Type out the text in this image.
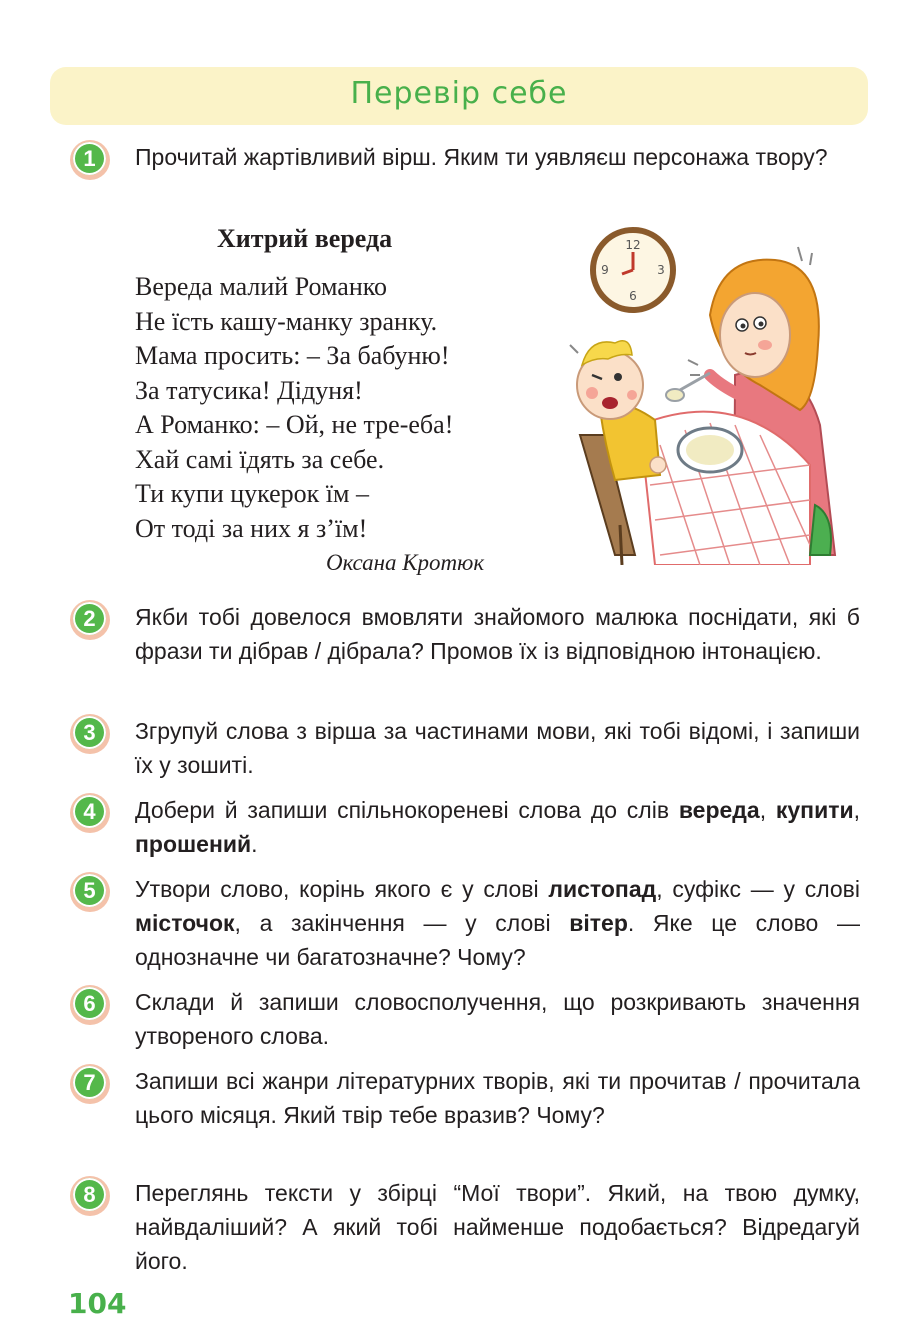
Перевір себе
1	Прочитай жартівливий вірш. Яким ти уявляєш персонажа твору?
Хитрий вереда
Вереда малий Романко
Не їсть кашу-манку зранку.
Мама просить: – За бабуню!
За татусика! Дідуня!
А Романко: – Ой, не тре-еба!
Хай самі їдять за себе.
Ти купи цукерок їм –
От тоді за них я з’їм!
Оксана Кротюк
12
3
6
9
2	Якби тобі довелося вмовляти знайомого малюка поснідати, які б фрази ти дібрав / дібрала? Промов їх із відповідною інтонацією.
3	Згрупуй слова з вірша за частинами мови, які тобі відомі, і запиши їх у зошиті.
4	Добери й запиши спільнокореневі слова до слів вереда, купити, прошений.
5	Утвори слово, корінь якого є у слові листопад, суфікс — у слові місточок, а закінчення — у слові вітер. Яке це слово — однозначне чи багатозначне? Чому?
6	Склади й запиши словосполучення, що розкривають значення утвореного слова.
7	Запиши всі жанри літературних творів, які ти прочитав / прочитала цього місяця. Який твір тебе вразив? Чому?
8	Переглянь тексти у збірці “Мої твори”. Який, на твою думку, найвдаліший? А який тобі найменше подобається? Відредагуй його.
104
